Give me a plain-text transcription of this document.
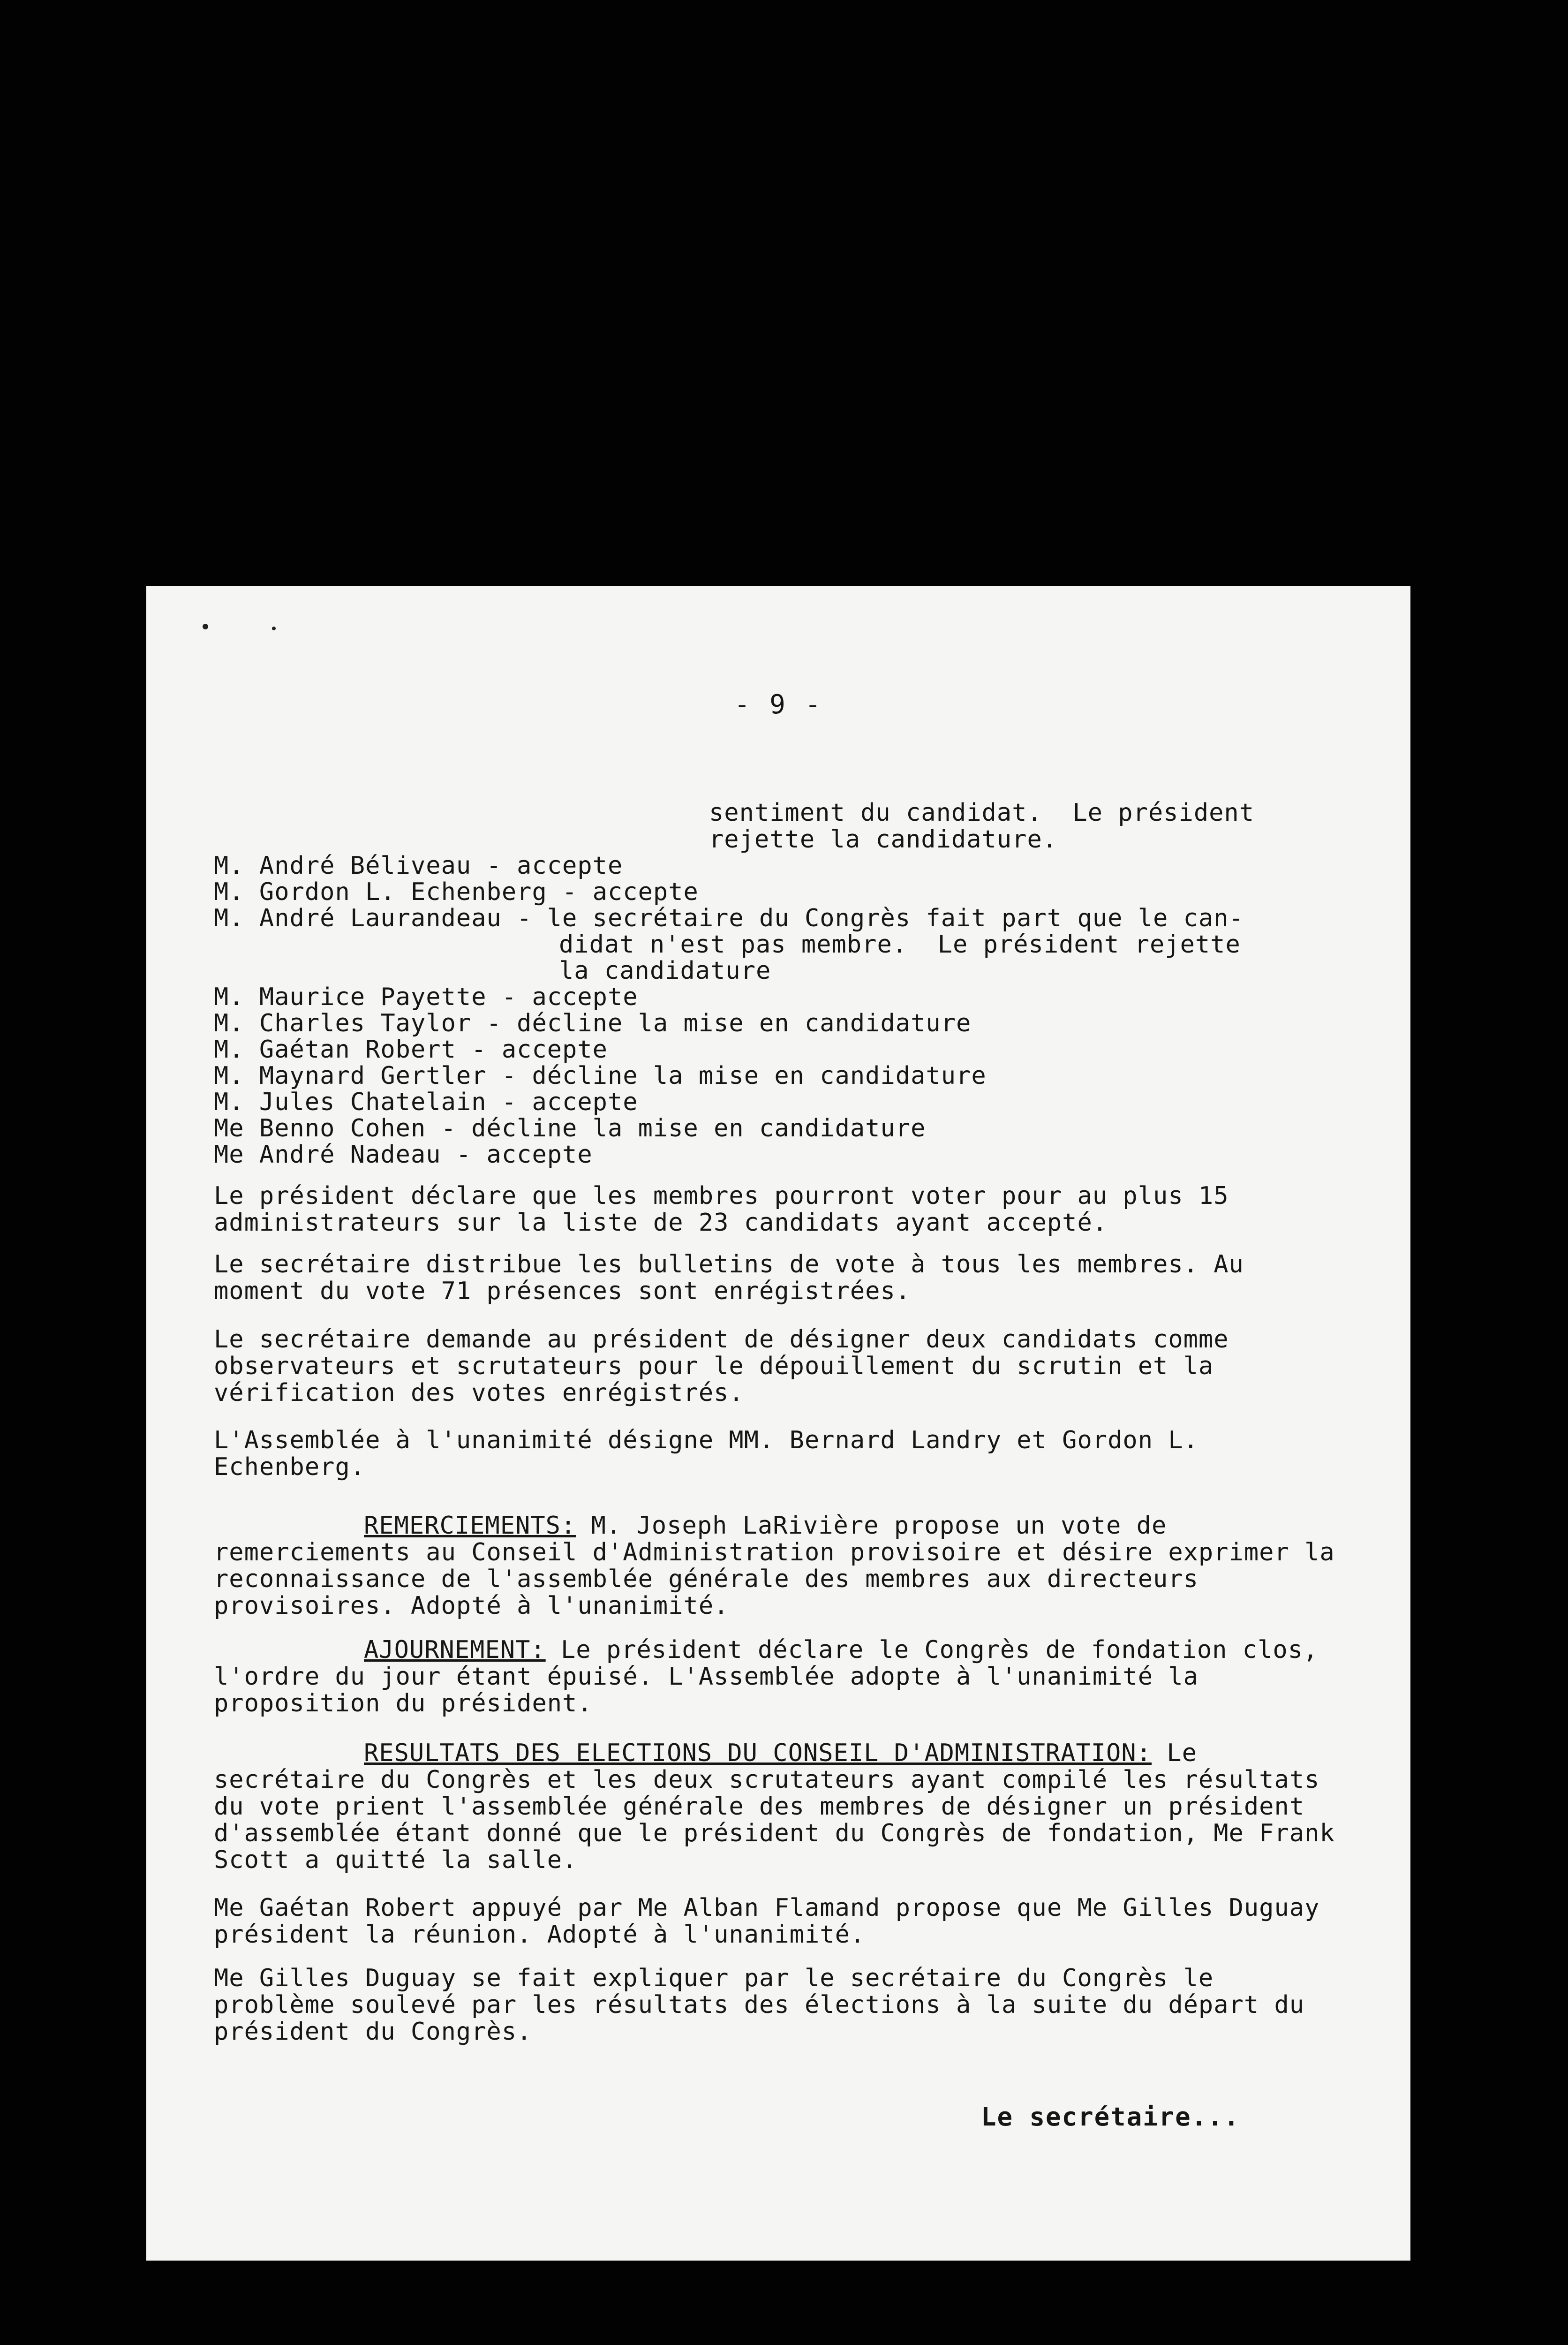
- 9 -
sentiment du candidat.  Le président
rejette la candidature.
M. André Béliveau - accepte
M. Gordon L. Echenberg - accepte
M. André Laurandeau - le secrétaire du Congrès fait part que le can-
didat n'est pas membre.  Le président rejette
la candidature
M. Maurice Payette - accepte
M. Charles Taylor - décline la mise en candidature
M. Gaétan Robert - accepte
M. Maynard Gertler - décline la mise en candidature
M. Jules Chatelain - accepte
Me Benno Cohen - décline la mise en candidature
Me André Nadeau - accepte
Le président déclare que les membres pourront voter pour au plus 15 administrateurs sur la liste de 23 candidats ayant accepté.
Le secrétaire distribue les bulletins de vote à tous les membres. Au moment du vote 71 présences sont enrégistrées.
Le secrétaire demande au président de désigner deux candidats comme observateurs et scrutateurs pour le dépouillement du scrutin et la vérification des votes enrégistrés.
L'Assemblée à l'unanimité désigne MM. Bernard Landry et Gordon L. Echenberg.
REMERCIEMENTS: M. Joseph LaRivière propose un vote de remerciements au Conseil d'Administration provisoire et désire exprimer la reconnaissance de l'assemblée générale des membres aux directeurs provisoires. Adopté à l'unanimité.
AJOURNEMENT: Le président déclare le Congrès de fondation clos, l'ordre du jour étant épuisé. L'Assemblée adopte à l'unanimité la proposition du président.
RESULTATS DES ELECTIONS DU CONSEIL D'ADMINISTRATION: Le secrétaire du Congrès et les deux scrutateurs ayant compilé les résultats du vote prient l'assemblée générale des membres de désigner un président d'assemblée étant donné que le président du Congrès de fondation, Me Frank Scott a quitté la salle.
Me Gaétan Robert appuyé par Me Alban Flamand propose que Me Gilles Duguay président la réunion. Adopté à l'unanimité.
Me Gilles Duguay se fait expliquer par le secrétaire du Congrès le problème soulevé par les résultats des élections à la suite du départ du président du Congrès.
Le secrétaire...
